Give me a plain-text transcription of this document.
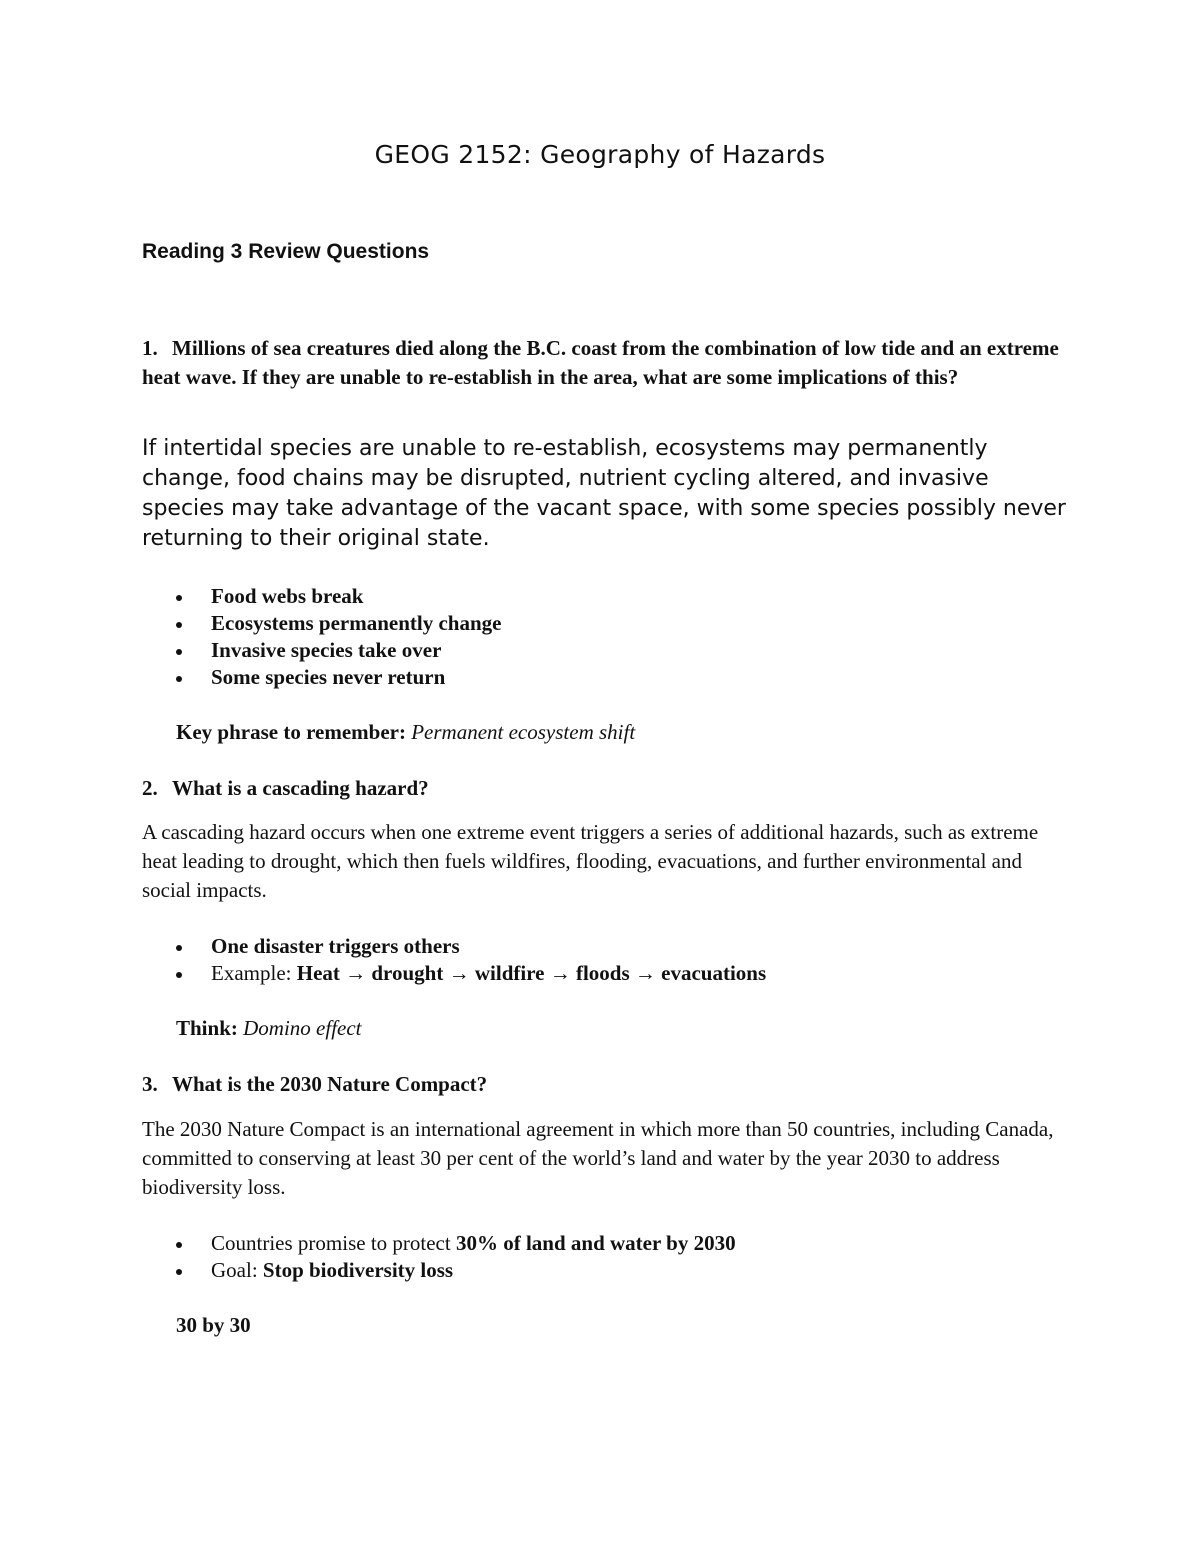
GEOG 2152: Geography of Hazards
Reading 3 Review Questions
1. Millions of sea creatures died along the B.C. coast from the combination of low tide and an extreme heat wave. If they are unable to re-establish in the area, what are some implications of this?
If intertidal species are unable to re-establish, ecosystems may permanently change, food chains may be disrupted, nutrient cycling altered, and invasive species may take advantage of the vacant space, with some species possibly never returning to their original state.
Food webs break
Ecosystems permanently change
Invasive species take over
Some species never return
Key phrase to remember: Permanent ecosystem shift
2. What is a cascading hazard?
A cascading hazard occurs when one extreme event triggers a series of additional hazards, such as extreme heat leading to drought, which then fuels wildfires, flooding, evacuations, and further environmental and social impacts.
One disaster triggers others
Example: Heat → drought → wildfire → floods → evacuations
Think: Domino effect
3. What is the 2030 Nature Compact?
The 2030 Nature Compact is an international agreement in which more than 50 countries, including Canada, committed to conserving at least 30 per cent of the world’s land and water by the year 2030 to address biodiversity loss.
Countries promise to protect 30% of land and water by 2030
Goal: Stop biodiversity loss
30 by 30
